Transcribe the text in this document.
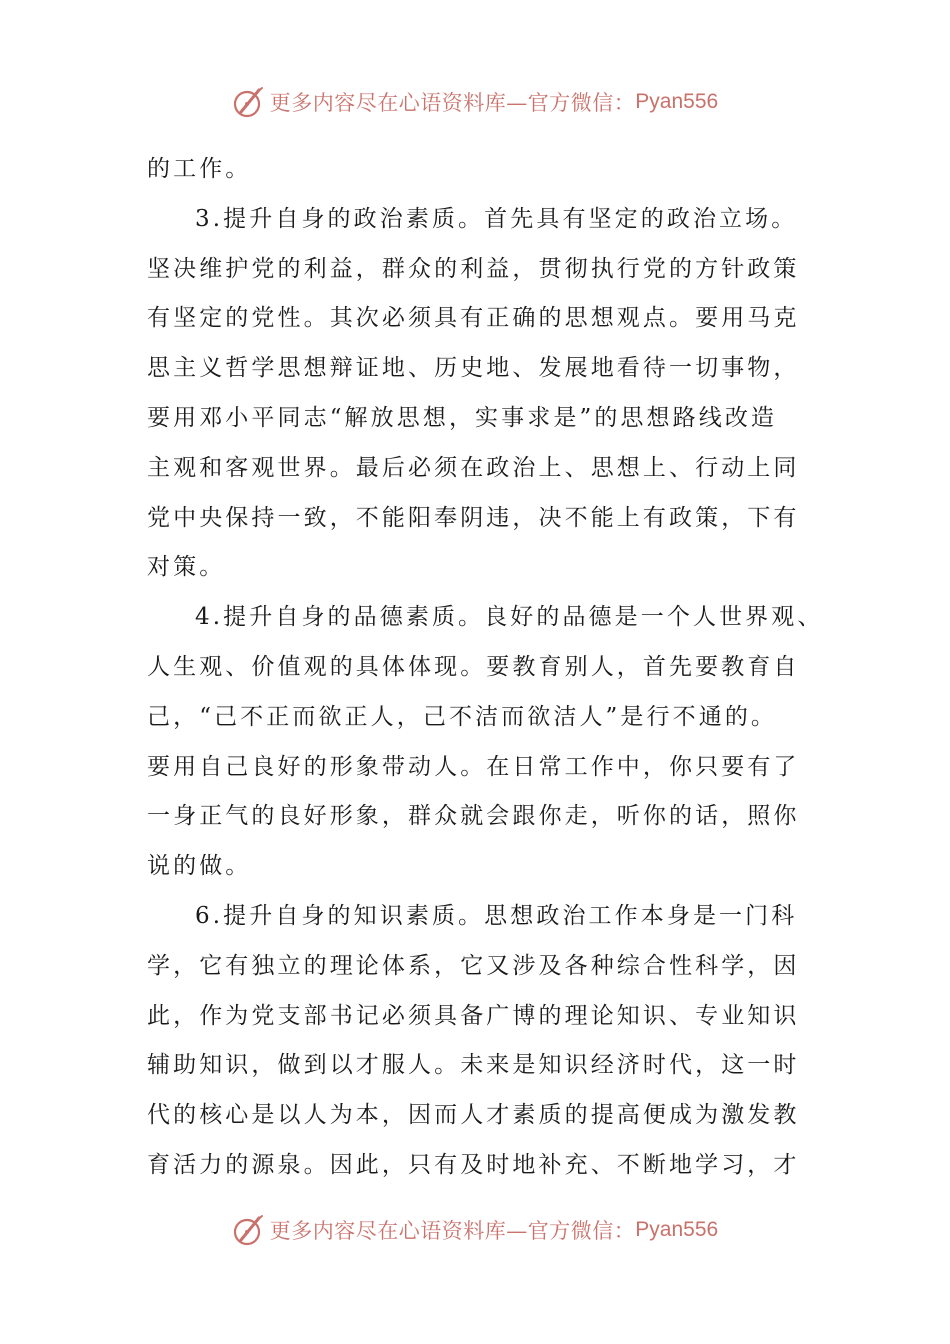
更多内容尽在心语资料库—官方微信： Pyan556
的工作。
3.提升自身的政治素质。首先具有坚定的政治立场。
坚决维护党的利益，群众的利益，贯彻执行党的方针政策
有坚定的党性。其次必须具有正确的思想观点。要用马克
思主义哲学思想辩证地、历史地、发展地看待一切事物，
要用邓小平同志“解放思想，实事求是”的思想路线改造
主观和客观世界。最后必须在政治上、思想上、行动上同
党中央保持一致，不能阳奉阴违，决不能上有政策，下有
对策。
4.提升自身的品德素质。良好的品德是一个人世界观、
人生观、价值观的具体体现。要教育别人，首先要教育自
己，“己不正而欲正人，己不洁而欲洁人”是行不通的。
要用自己良好的形象带动人。在日常工作中，你只要有了
一身正气的良好形象，群众就会跟你走，听你的话，照你
说的做。
6.提升自身的知识素质。思想政治工作本身是一门科
学，它有独立的理论体系，它又涉及各种综合性科学，因
此，作为党支部书记必须具备广博的理论知识、专业知识
辅助知识，做到以才服人。未来是知识经济时代，这一时
代的核心是以人为本，因而人才素质的提高便成为激发教
育活力的源泉。因此，只有及时地补充、不断地学习，才
更多内容尽在心语资料库—官方微信： Pyan556
